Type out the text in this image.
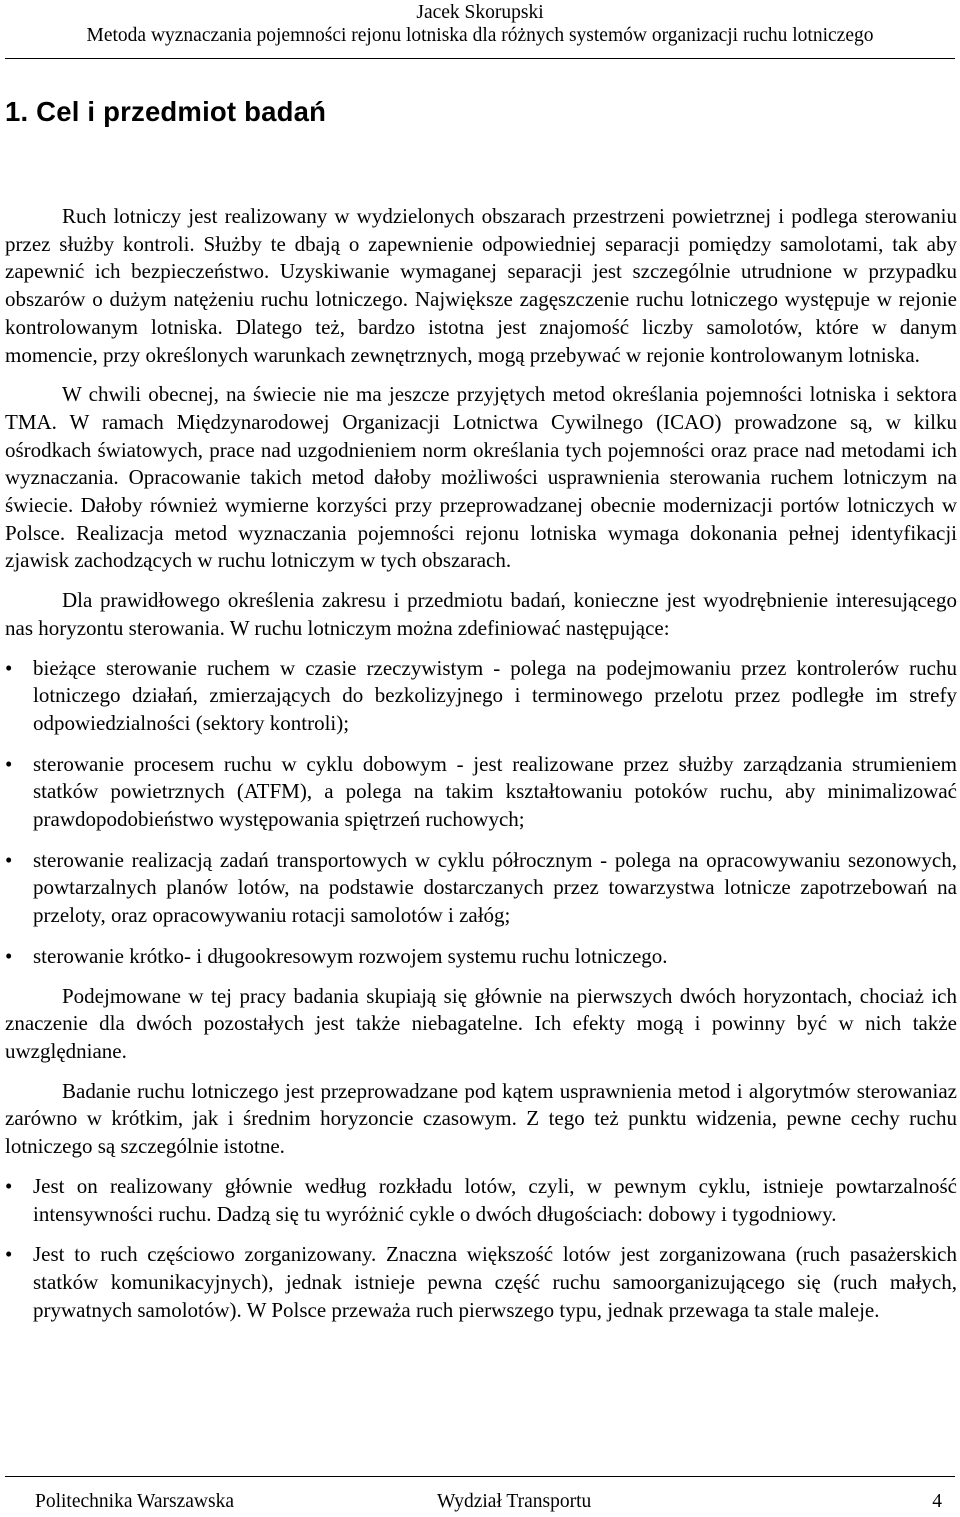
Jacek Skorupski
Metoda wyznaczania pojemności rejonu lotniska dla różnych systemów organizacji ruchu lotniczego
1. Cel i przedmiot badań

Ruch lotniczy jest realizowany w wydzielonych obszarach przestrzeni powietrznej i podlega sterowaniu przez służby kontroli. Służby te dbają o zapewnienie odpowiedniej separacji pomiędzy samolotami, tak aby zapewnić ich bezpieczeństwo. Uzyskiwanie wymaganej separacji jest szczególnie utrudnione w przypadku obszarów o dużym natężeniu ruchu lotniczego. Największe zagęszczenie ruchu lotniczego występuje w rejonie kontrolowanym lotniska. Dlatego też, bardzo istotna jest znajomość liczby samolotów, które w danym momencie, przy określonych warunkach zewnętrznych, mogą przebywać w rejonie kontrolowanym lotniska.

W chwili obecnej, na świecie nie ma jeszcze przyjętych metod określania pojemności lotniska i sektora TMA. W ramach Międzynarodowej Organizacji Lotnictwa Cywilnego (ICAO) prowadzone są, w kilku ośrodkach światowych, prace nad uzgodnieniem norm określania tych pojemności oraz prace nad metodami ich wyznaczania. Opracowanie takich metod dałoby możliwości usprawnienia sterowania ruchem lotniczym na świecie. Dałoby również wymierne korzyści przy przeprowadzanej obecnie modernizacji portów lotniczych w Polsce. Realizacja metod wyznaczania pojemności rejonu lotniska wymaga dokonania pełnej identyfikacji zjawisk zachodzących w ruchu lotniczym w tych obszarach.

Dla prawidłowego określenia zakresu i przedmiotu badań, konieczne jest wyodrębnienie interesującego nas horyzontu sterowania. W ruchu lotniczym można zdefiniować następujące:

• bieżące sterowanie ruchem w czasie rzeczywistym - polega na podejmowaniu przez kontrolerów ruchu lotniczego działań, zmierzających do bezkolizyjnego i terminowego przelotu przez podległe im strefy odpowiedzialności (sektory kontroli);
• sterowanie procesem ruchu w cyklu dobowym - jest realizowane przez służby zarządzania strumieniem statków powietrznych (ATFM), a polega na takim kształtowaniu potoków ruchu, aby minimalizować prawdopodobieństwo występowania spiętrzeń ruchowych;
• sterowanie realizacją zadań transportowych w cyklu półrocznym - polega na opracowywaniu sezonowych, powtarzalnych planów lotów, na podstawie dostarczanych przez towarzystwa lotnicze zapotrzebowań na przeloty, oraz opracowywaniu rotacji samolotów i załóg;
• sterowanie krótko- i długookresowym rozwojem systemu ruchu lotniczego.

Podejmowane w tej pracy badania skupiają się głównie na pierwszych dwóch horyzontach, chociaż ich znaczenie dla dwóch pozostałych jest także niebagatelne. Ich efekty mogą i powinny być w nich także uwzględniane.

Badanie ruchu lotniczego jest przeprowadzane pod kątem usprawnienia metod i algorytmów sterowaniaz zarówno w krótkim, jak i średnim horyzoncie czasowym. Z tego też punktu widzenia, pewne cechy ruchu lotniczego są szczególnie istotne.

• Jest on realizowany głównie według rozkładu lotów, czyli, w pewnym cyklu, istnieje powtarzalność intensywności ruchu. Dadzą się tu wyróżnić cykle o dwóch długościach: dobowy i tygodniowy.
• Jest to ruch częściowo zorganizowany. Znaczna większość lotów jest zorganizowana (ruch pasażerskich statków komunikacyjnych), jednak istnieje pewna część ruchu samoorganizującego się (ruch małych, prywatnych samolotów). W Polsce przeważa ruch pierwszego typu, jednak przewaga ta stale maleje.
Politechnika Warszawska	Wydział Transportu	4
